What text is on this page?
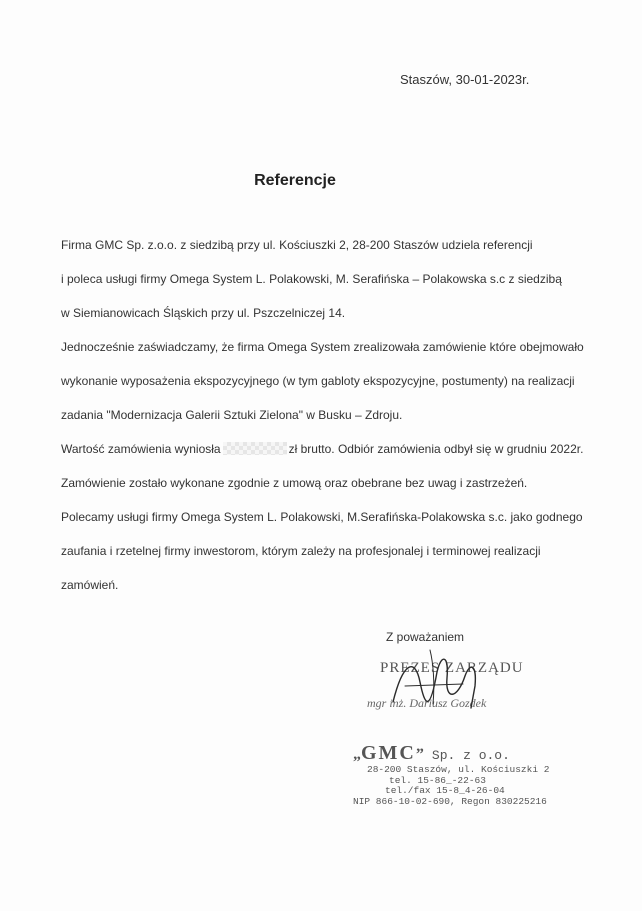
Staszów, 30-01-2023r.
Referencje
Firma GMC Sp. z.o.o. z siedzibą przy ul. Kościuszki 2, 28-200 Staszów udziela referencji
i poleca usługi firmy Omega System L. Polakowski, M. Serafińska – Polakowska s.c z siedzibą
w Siemianowicach Śląskich przy ul. Pszczelniczej 14.
Jednocześnie zaświadczamy, że firma Omega System zrealizowała zamówienie które obejmowało
wykonanie wyposażenia ekspozycyjnego (w tym gabloty ekspozycyjne, postumenty) na realizacji
zadania "Modernizacja Galerii Sztuki Zielona" w Busku – Zdroju.
Wartość zamówienia wyniosła	zł brutto. Odbiór zamówienia odbył się w grudniu 2022r.
Zamówienie zostało wykonane zgodnie z umową oraz obebrane bez uwag i zastrzeżeń.
Polecamy usługi firmy Omega System L. Polakowski, M.Serafińska-Polakowska s.c. jako godnego
zaufania i rzetelnej firmy inwestorom, którym zależy na profesjonalej i terminowej realizacji
zamówień.
Z poważaniem
PREZES ZARZĄDU
mgr inż. Dariusz Gozdek
„GMC” Sp. z o.o.
28-200 Staszów, ul. Kościuszki 2
tel. 15-86_-22-63
tel./fax 15-8_4-26-04
NIP 866-10-02-690, Regon 830225216
